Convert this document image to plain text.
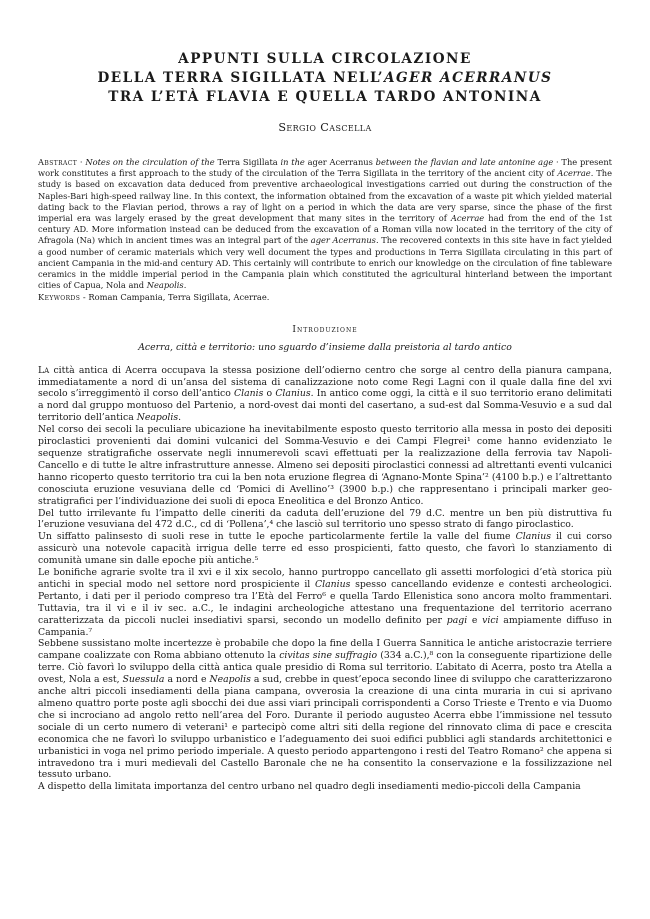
APPUNTI SULLA CIRCOLAZIONE
DELLA TERRA SIGILLATA NELL’AGER ACERRANUS
TRA L’ETÀ FLAVIA E QUELLA TARDO ANTONINA
Sergio Cascella
Abstract · Notes on the circulation of the Terra Sigillata in the ager Acerranus between the flavian and late antonine age · The present work constitutes a first approach to the study of the circulation of the Terra Sigillata in the territory of the ancient city of Acerrae. The study is based on excavation data deduced from preventive archaeological investigations carried out during the construction of the Naples-Bari high-speed railway line. In this context, the information obtained from the excavation of a waste pit which yielded material dating back to the Flavian period, throws a ray of light on a period in which the data are very sparse, since the phase of the first imperial era was largely erased by the great development that many sites in the territory of Acerrae had from the end of the 1st century AD. More information instead can be deduced from the excavation of a Roman villa now located in the territory of the city of Afragola (Na) which in ancient times was an integral part of the ager Acerranus. The recovered contexts in this site have in fact yielded a good number of ceramic materials which very well document the types and productions in Terra Sigillata circulating in this part of ancient Campania in the mid-and century AD. This certainly will contribute to enrich our knowledge on the circulation of fine tableware ceramics in the middle imperial period in the Campania plain which constituted the agricultural hinterland between the important cities of Capua, Nola and Neapolis.
Keywords - Roman Campania, Terra Sigillata, Acerrae.
Introduzione
Acerra, città e territorio: uno sguardo d’insieme dalla preistoria al tardo antico

La città antica di Acerra occupava la stessa posizione dell’odierno centro che sorge al centro della pianura campana, immediatamente a nord di un’ansa del sistema di canalizzazione noto come Regi Lagni con il quale dalla fine del xvi secolo s’irreggimentò il corso dell’antico Clanis o Clanius. In antico come oggi, la città e il suo territorio erano delimitati a nord dal gruppo montuoso del Partenio, a nord-ovest dai monti del casertano, a sud-est dal Somma-Vesuvio e a sud dal territorio dell’antica Neapolis.

Nel corso dei secoli la peculiare ubicazione ha inevitabilmente esposto questo territorio alla messa in posto dei depositi piroclastici provenienti dai domini vulcanici del Somma-Vesuvio e dei Campi Flegrei¹ come hanno evidenziato le sequenze stratigrafiche osservate negli innumerevoli scavi effettuati per la realizzazione della ferrovia tav Napoli-Cancello e di tutte le altre infrastrutture annesse. Almeno sei depositi piroclastici connessi ad altrettanti eventi vulcanici hanno ricoperto questo territorio tra cui la ben nota eruzione flegrea di ‘Agnano-Monte Spina’² (4100 b.p.) e l’altrettanto conosciuta eruzione vesuviana delle cd ‘Pomici di Avellino’³ (3900 b.p.) che rappresentano i principali marker geo-stratigrafici per l’individuazione dei suoli di epoca Eneolitica e del Bronzo Antico.

Del tutto irrilevante fu l’impatto delle cineriti da caduta dell’eruzione del 79 d.C. mentre un ben più distruttiva fu l’eruzione vesuviana del 472 d.C., cd di ‘Pollena’,⁴ che lasciò sul territorio uno spesso strato di fango piroclastico.

Un siffatto palinsesto di suoli rese in tutte le epoche particolarmente fertile la valle del fiume Clanius il cui corso assicurò una notevole capacità irrigua delle terre ed esso prospicienti, fatto questo, che favorì lo stanziamento di comunità umane sin dalle epoche più antiche.⁵

Le bonifiche agrarie svolte tra il xvi e il xix secolo, hanno purtroppo cancellato gli assetti morfologici d’età storica più antichi in special modo nel settore nord prospiciente il Clanius spesso cancellando evidenze e contesti archeologici. Pertanto, i dati per il periodo compreso tra l’Età del Ferro⁶ e quella Tardo Ellenistica sono ancora molto frammentari. Tuttavia, tra il vi e il iv sec. a.C., le indagini archeologiche attestano una frequentazione del territorio acerrano caratterizzata da piccoli nuclei insediativi sparsi, secondo un modello definito per pagi e vici ampiamente diffuso in Campania.⁷

Sebbene sussistano molte incertezze è probabile che dopo la fine della I Guerra Sannitica le antiche aristocrazie terriere campane coalizzate con Roma abbiano ottenuto la civitas sine suffragio (334 a.C.),⁸ con la conseguente ripartizione delle terre. Ciò favorì lo sviluppo della città antica quale presidio di Roma sul territorio. L’abitato di Acerra, posto tra Atella a ovest, Nola a est, Suessula a nord e Neapolis a sud, crebbe in quest’epoca secondo linee di sviluppo che caratterizzarono anche altri piccoli insediamenti della piana campana, ovverosia la creazione di una cinta muraria in cui si aprivano almeno quattro porte poste agli sbocchi dei due assi viari principali corrispondenti a Corso Trieste e Trento e via Duomo che si incrociano ad angolo retto nell’area del Foro. Durante il periodo augusteo Acerra ebbe l’immissione nel tessuto sociale di un certo numero di veterani¹ e partecipò come altri siti della regione del rinnovato clima di pace e crescita economica che ne favorì lo sviluppo urbanistico e l’adeguamento dei suoi edifici pubblici agli standards architettonici e urbanistici in voga nel primo periodo imperiale. A questo periodo appartengono i resti del Teatro Romano² che appena si intravedono tra i muri medievali del Castello Baronale che ne ha consentito la conservazione e la fossilizzazione nel tessuto urbano.

A dispetto della limitata importanza del centro urbano nel quadro degli insediamenti medio-piccoli della Campania
